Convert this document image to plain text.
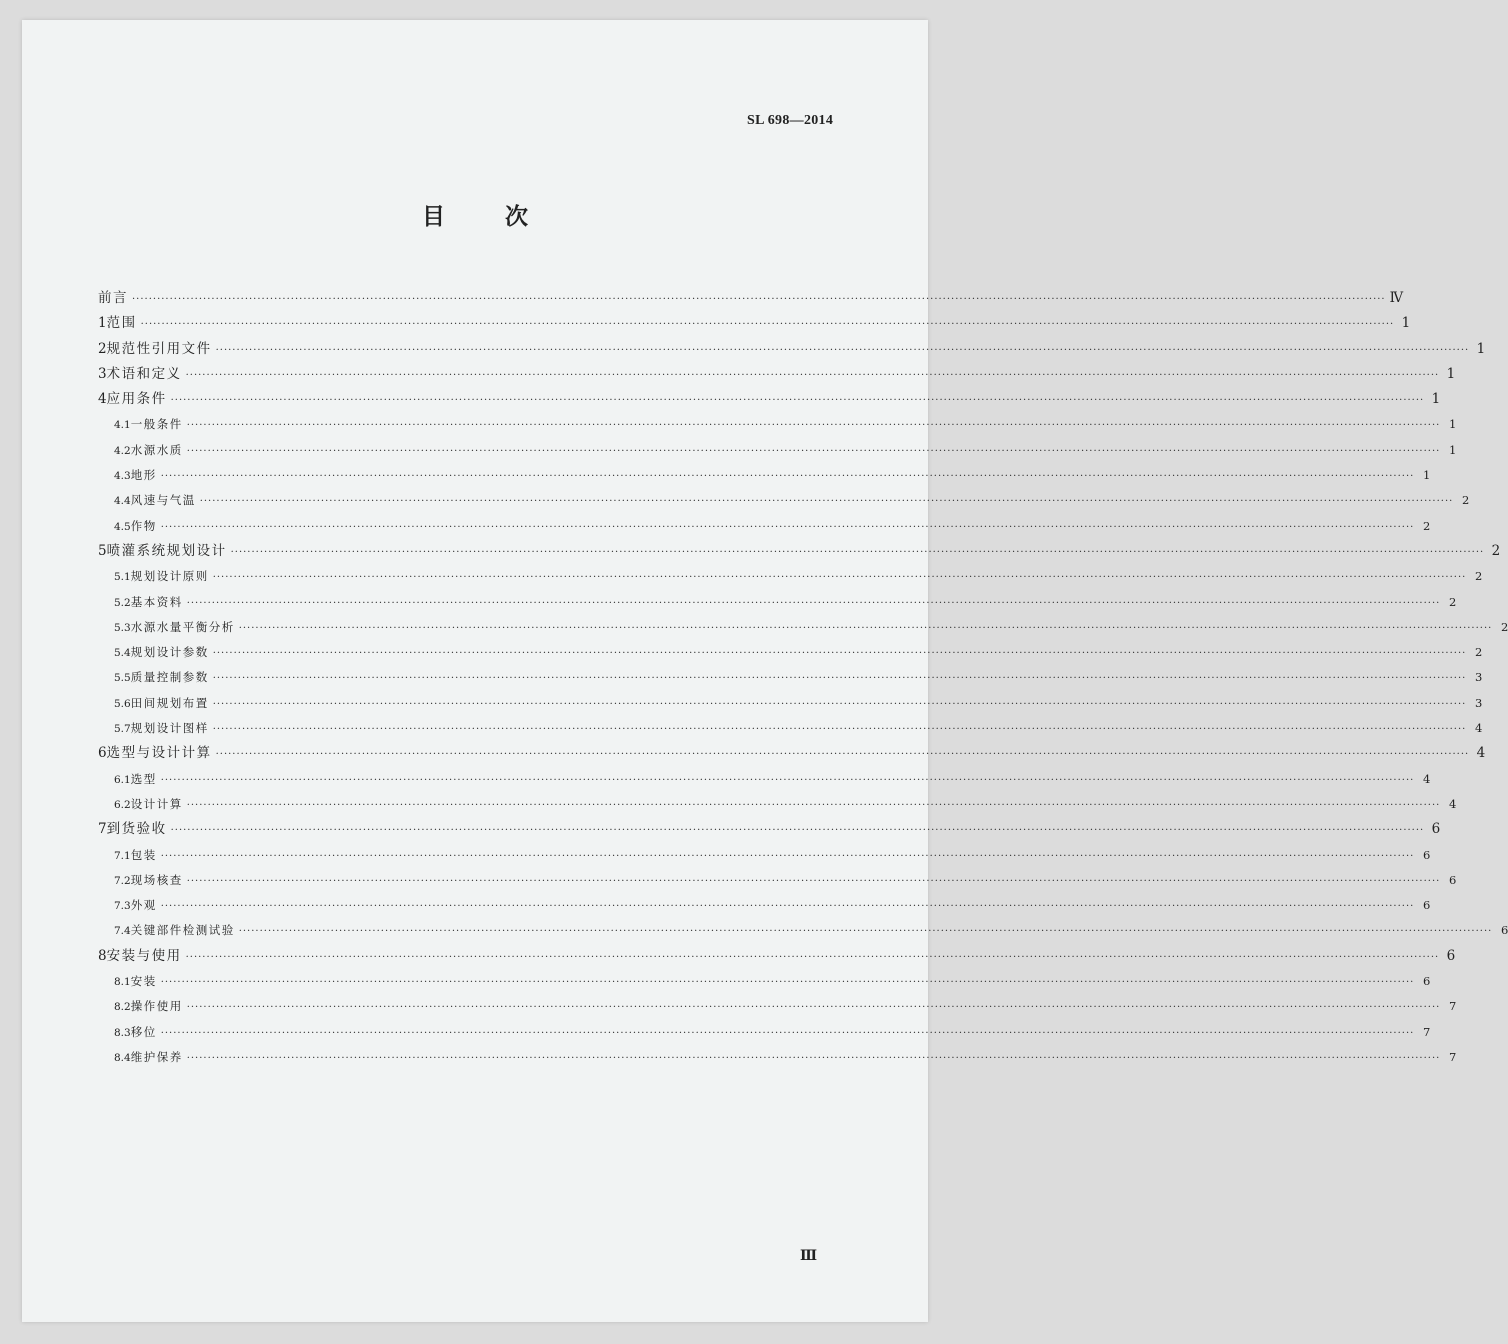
SL 698—2014
目	次
前言 ············································································································································································································································································································ Ⅳ
1 范围 ············································································································································································································································································································ 1
2 规范性引用文件 ············································································································································································································································································································ 1
3 术语和定义 ············································································································································································································································································································ 1
4 应用条件 ············································································································································································································································································································ 1
4.1 一般条件 ············································································································································································································································································································ 1
4.2 水源水质 ············································································································································································································································································································ 1
4.3 地形 ············································································································································································································································································································ 1
4.4 风速与气温 ············································································································································································································································································································ 2
4.5 作物 ············································································································································································································································································································ 2
5 喷灌系统规划设计 ············································································································································································································································································································ 2
5.1 规划设计原则 ············································································································································································································································································································ 2
5.2 基本资料 ············································································································································································································································································································ 2
5.3 水源水量平衡分析 ············································································································································································································································································································ 2
5.4 规划设计参数 ············································································································································································································································································································ 2
5.5 质量控制参数 ············································································································································································································································································································ 3
5.6 田间规划布置 ············································································································································································································································································································ 3
5.7 规划设计图样 ············································································································································································································································································································ 4
6 选型与设计计算 ············································································································································································································································································································ 4
6.1 选型 ············································································································································································································································································································ 4
6.2 设计计算 ············································································································································································································································································································ 4
7 到货验收 ············································································································································································································································································································ 6
7.1 包装 ············································································································································································································································································································ 6
7.2 现场核查 ············································································································································································································································································································ 6
7.3 外观 ············································································································································································································································································································ 6
7.4 关键部件检测试验 ············································································································································································································································································································ 6
8 安装与使用 ············································································································································································································································································································ 6
8.1 安装 ············································································································································································································································································································ 6
8.2 操作使用 ············································································································································································································································································································ 7
8.3 移位 ············································································································································································································································································································ 7
8.4 维护保养 ············································································································································································································································································································ 7
Ⅲ
